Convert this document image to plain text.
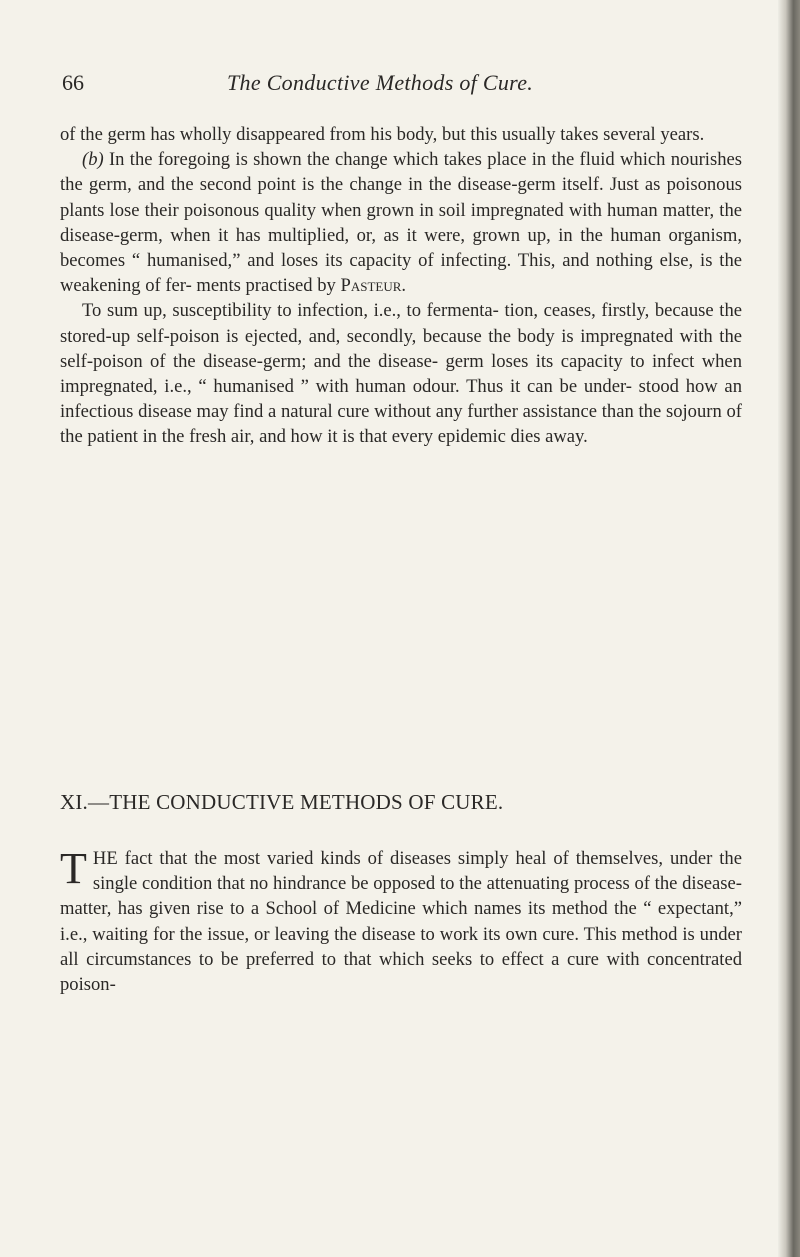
66	The Conductive Methods of Cure.

of the germ has wholly disappeared from his body, but this usually takes several years.

(b) In the foregoing is shown the change which takes place in the fluid which nourishes the germ, and the second point is the change in the disease-germ itself. Just as poisonous plants lose their poisonous quality when grown in soil impregnated with human matter, the disease-germ, when it has multiplied, or, as it were, grown up, in the human organism, becomes “ humanised,” and loses its capacity of infecting. This, and nothing else, is the weakening of fer- ments practised by Pasteur.

To sum up, susceptibility to infection, i.e., to fermenta- tion, ceases, firstly, because the stored-up self-poison is ejected, and, secondly, because the body is impregnated with the self-poison of the disease-germ; and the disease- germ loses its capacity to infect when impregnated, i.e., “ humanised ” with human odour. Thus it can be under- stood how an infectious disease may find a natural cure without any further assistance than the sojourn of the patient in the fresh air, and how it is that every epidemic dies away.

XI.—THE CONDUCTIVE METHODS OF CURE.
THE fact that the most varied kinds of diseases simply heal of themselves, under the single condition that no hindrance be opposed to the attenuating process of the disease-matter, has given rise to a School of Medicine which names its method the “ expectant,” i.e., waiting for the issue, or leaving the disease to work its own cure. This method is under all circumstances to be preferred to that which seeks to effect a cure with concentrated poison-
